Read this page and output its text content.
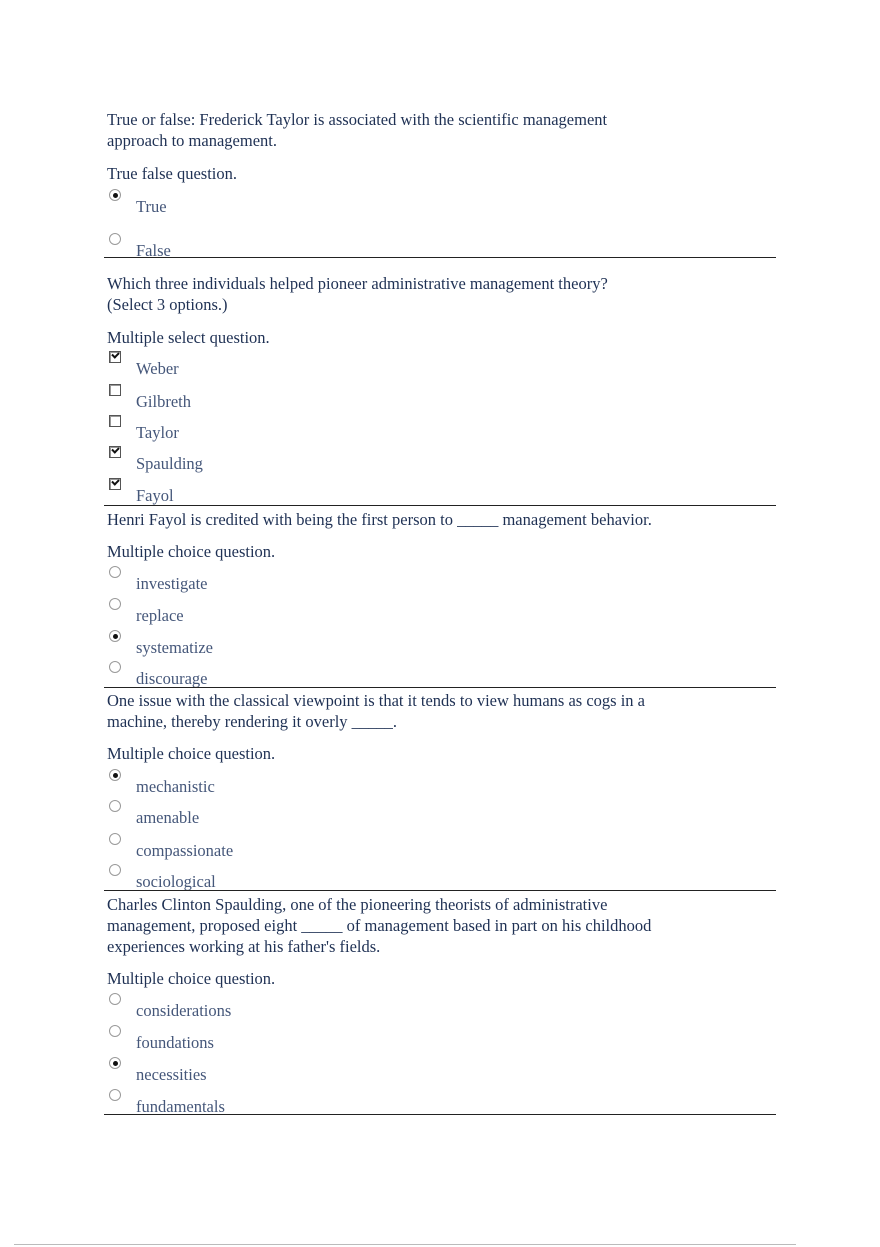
True or false: Frederick Taylor is associated with the scientific management
approach to management.

True false question.
True
False

Which three individuals helped pioneer administrative management theory?
(Select 3 options.)

Multiple select question.
Weber
Gilbreth
Taylor
Spaulding
Fayol

Henri Fayol is credited with being the first person to _____ management behavior.

Multiple choice question.
investigate
replace
systematize
discourage

One issue with the classical viewpoint is that it tends to view humans as cogs in a
machine, thereby rendering it overly _____.

Multiple choice question.
mechanistic
amenable
compassionate
sociological

Charles Clinton Spaulding, one of the pioneering theorists of administrative
management, proposed eight _____ of management based in part on his childhood
experiences working at his father's fields.

Multiple choice question.
considerations
foundations
necessities
fundamentals
